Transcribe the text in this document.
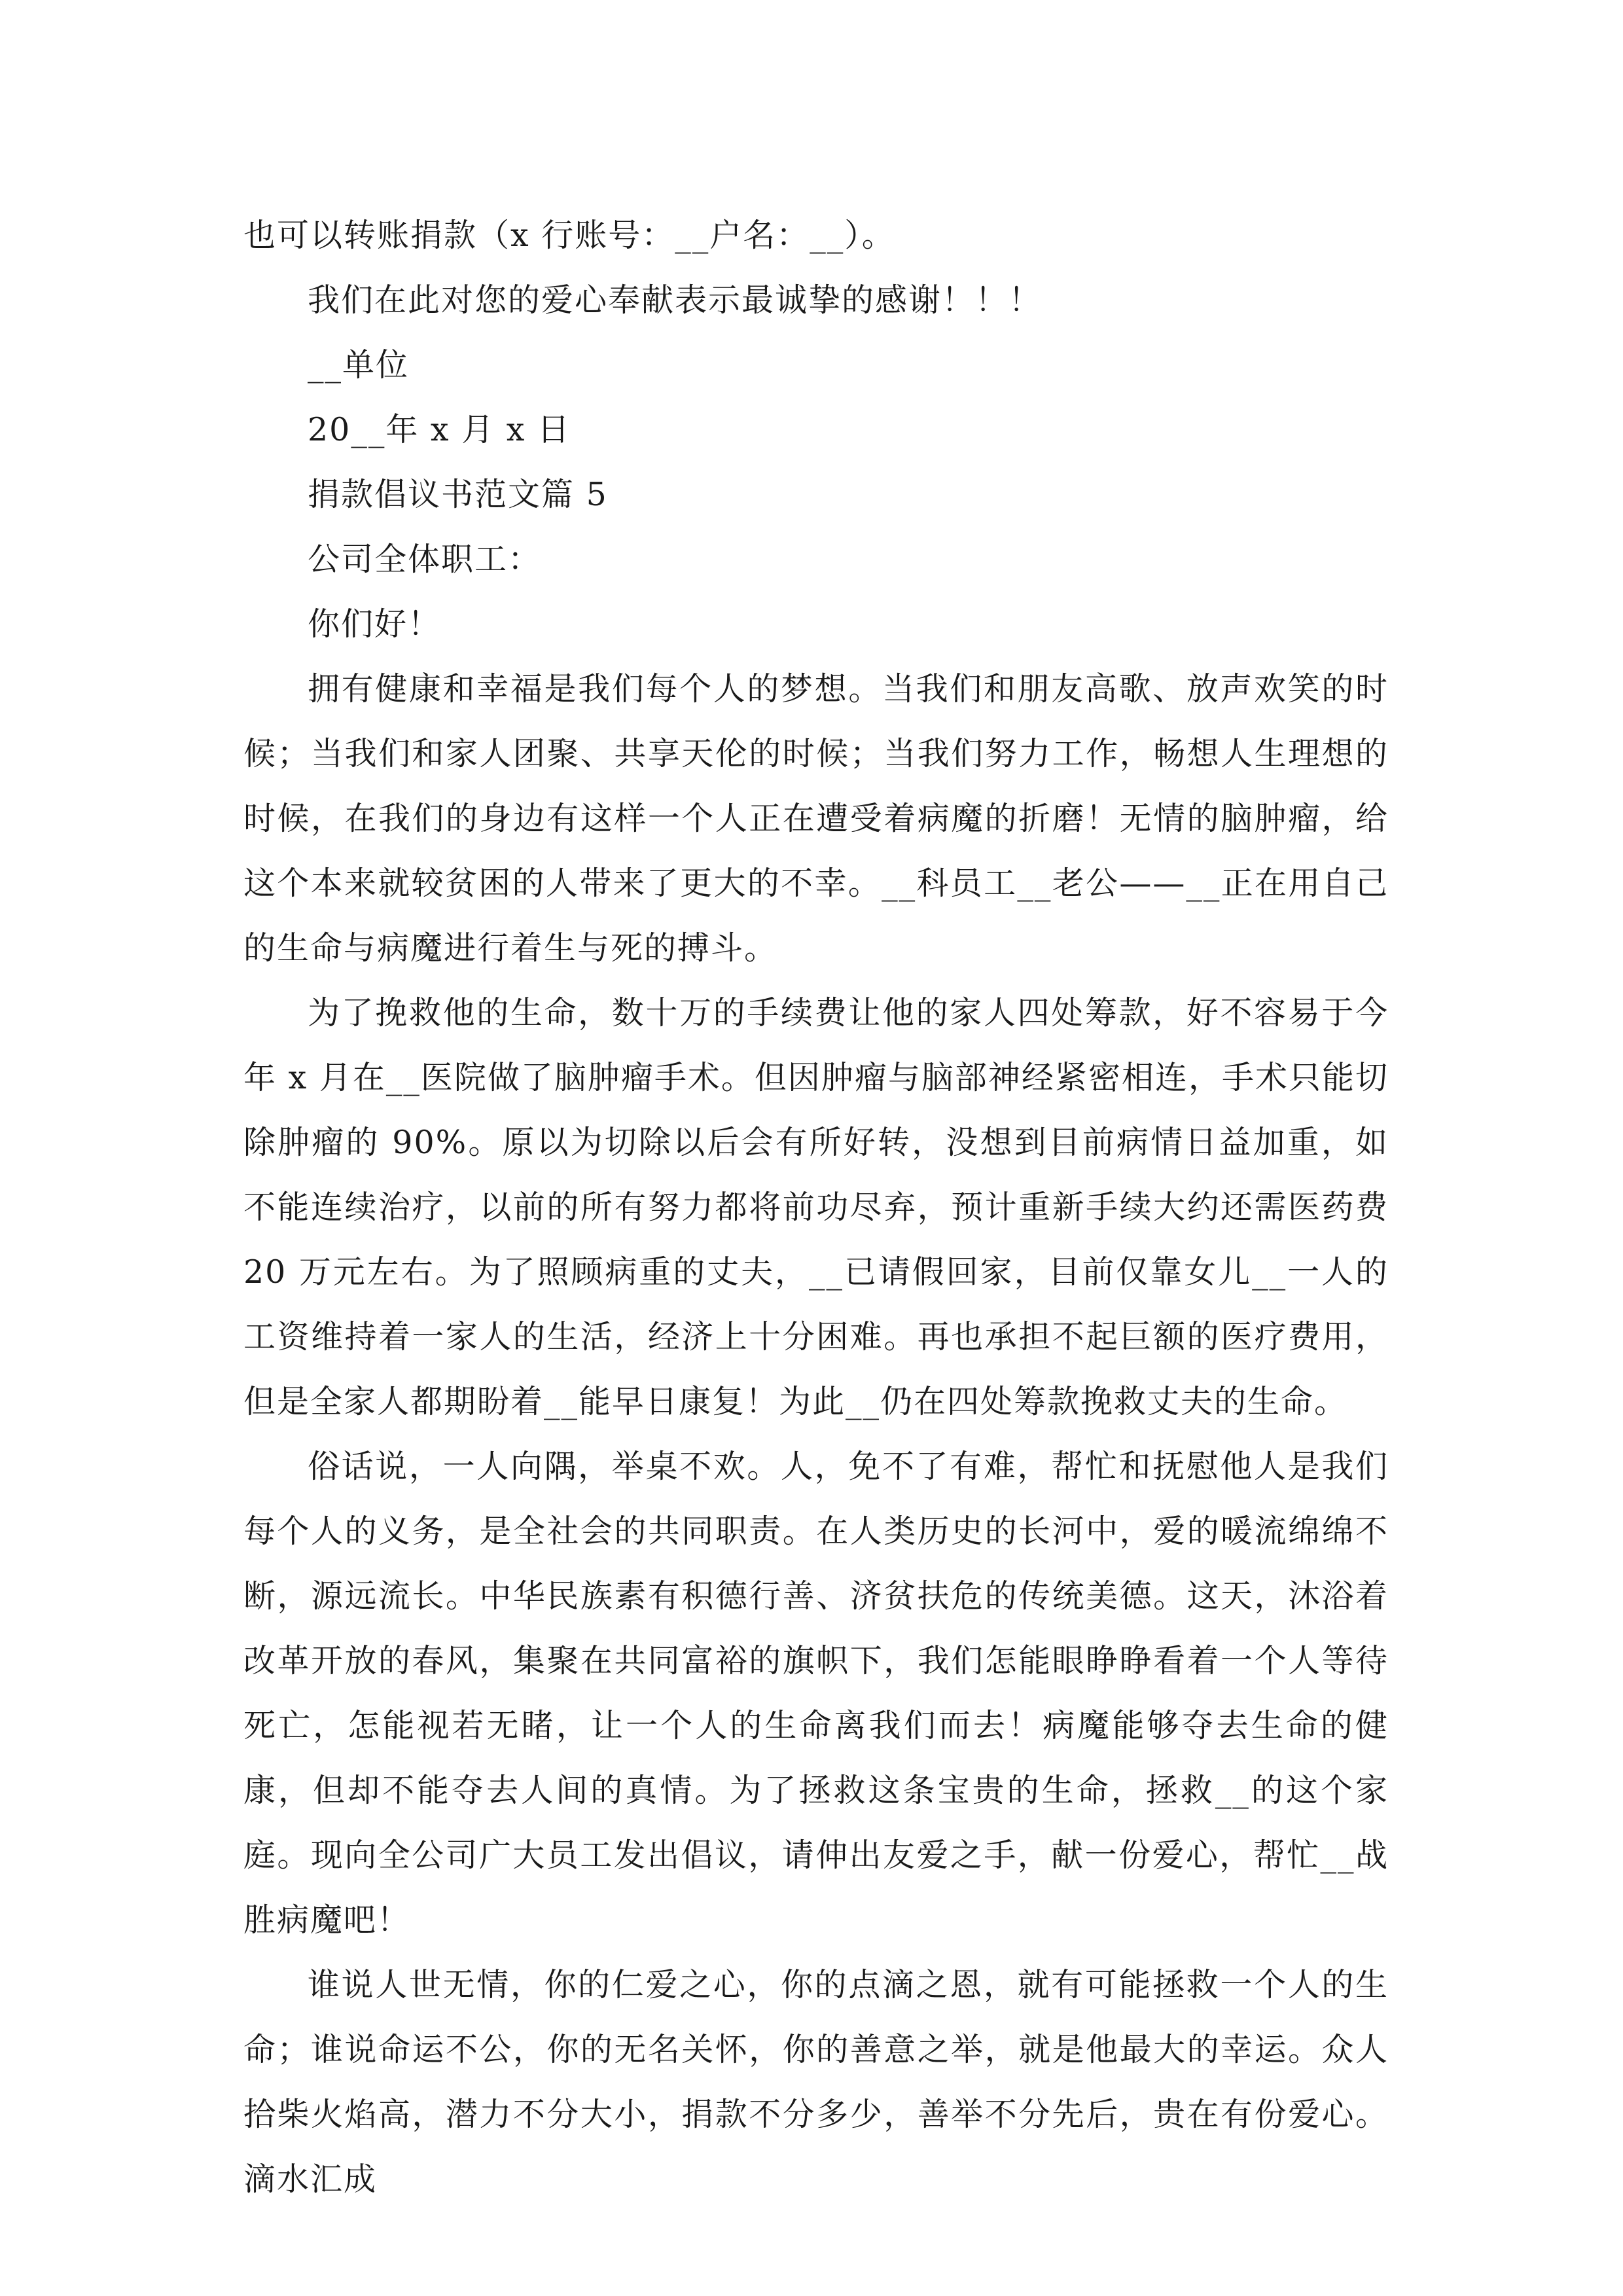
也可以转账捐款（x 行账号：__户名：__）。

我们在此对您的爱心奉献表示最诚挚的感谢！！！

__单位

20__年 x 月 x 日

捐款倡议书范文篇 5

公司全体职工：

你们好！

拥有健康和幸福是我们每个人的梦想。当我们和朋友高歌、放声欢笑的时候；当我们和家人团聚、共享天伦的时候；当我们努力工作，畅想人生理想的时候，在我们的身边有这样一个人正在遭受着病魔的折磨！无情的脑肿瘤，给这个本来就较贫困的人带来了更大的不幸。__科员工__老公——__正在用自己的生命与病魔进行着生与死的搏斗。

为了挽救他的生命，数十万的手续费让他的家人四处筹款，好不容易于今年 x 月在__医院做了脑肿瘤手术。但因肿瘤与脑部神经紧密相连，手术只能切除肿瘤的 90%。原以为切除以后会有所好转，没想到目前病情日益加重，如不能连续治疗，以前的所有努力都将前功尽弃，预计重新手续大约还需医药费 20 万元左右。为了照顾病重的丈夫，__已请假回家，目前仅靠女儿__一人的工资维持着一家人的生活，经济上十分困难。再也承担不起巨额的医疗费用，但是全家人都期盼着__能早日康复！为此__仍在四处筹款挽救丈夫的生命。

俗话说，一人向隅，举桌不欢。人，免不了有难，帮忙和抚慰他人是我们每个人的义务，是全社会的共同职责。在人类历史的长河中，爱的暖流绵绵不断，源远流长。中华民族素有积德行善、济贫扶危的传统美德。这天，沐浴着改革开放的春风，集聚在共同富裕的旗帜下，我们怎能眼睁睁看着一个人等待死亡，怎能视若无睹，让一个人的生命离我们而去！病魔能够夺去生命的健康，但却不能夺去人间的真情。为了拯救这条宝贵的生命，拯救__的这个家庭。现向全公司广大员工发出倡议，请伸出友爱之手，献一份爱心，帮忙__战胜病魔吧！

谁说人世无情，你的仁爱之心，你的点滴之恩，就有可能拯救一个人的生命；谁说命运不公，你的无名关怀，你的善意之举，就是他最大的幸运。众人拾柴火焰高，潜力不分大小，捐款不分多少，善举不分先后，贵在有份爱心。滴水汇成
